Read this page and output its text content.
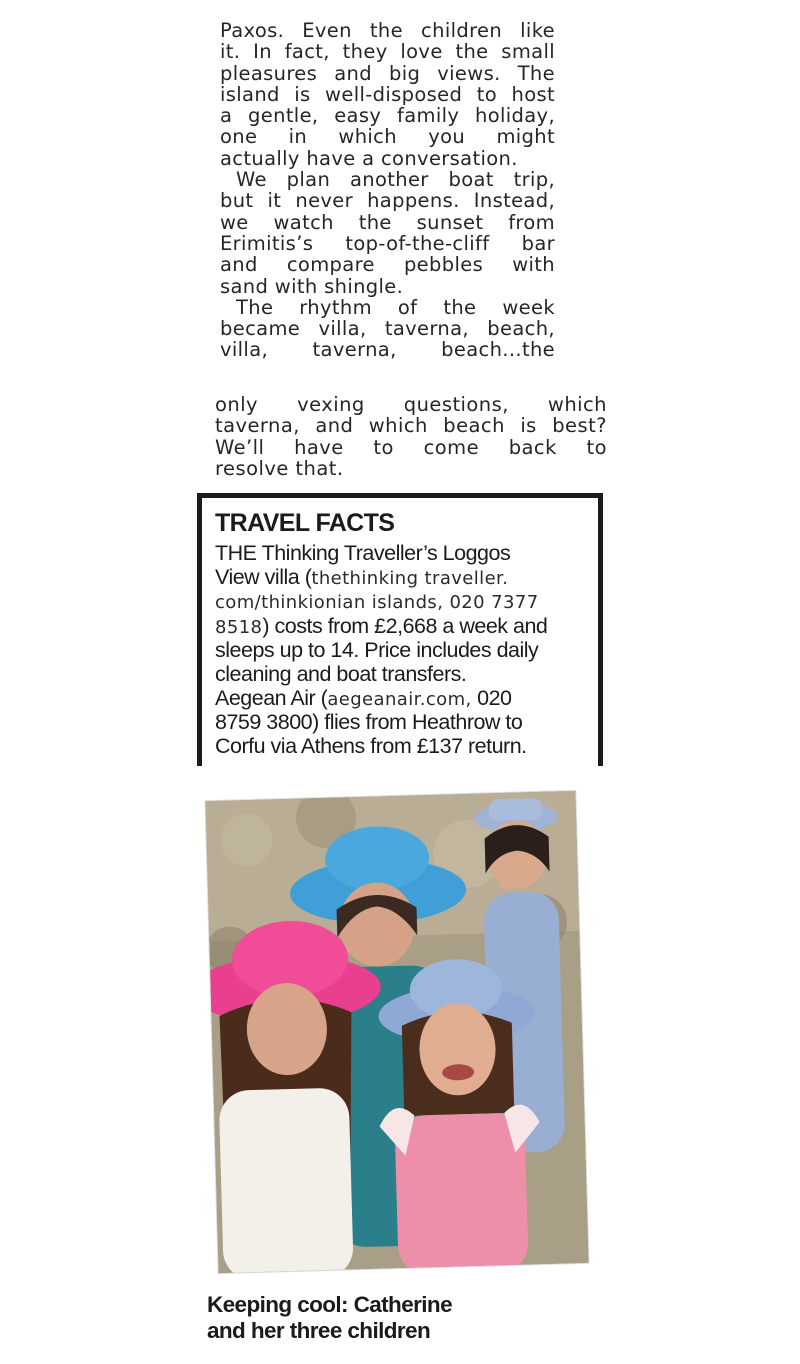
Paxos. Even the children like
it. In fact, they love the small
pleasures and big views. The
island is well-disposed to host
a gentle, easy family holiday,
one in which you might
actually have a conversation.
We plan another boat trip,
but it never happens. Instead,
we watch the sunset from
Erimitis’s top-of-the-cliff bar
and compare pebbles with
sand with shingle.
The rhythm of the week
became villa, taverna, beach,
villa, taverna, beach...the
only vexing questions, which
taverna, and which beach is best?
We’ll have to come back to
resolve that.
TRAVEL FACTS
THE Thinking Traveller’s Loggos
View villa (thethinking traveller.
com/thinkionian islands, 020 7377
8518) costs from £2,668 a week and
sleeps up to 14. Price includes daily
cleaning and boat transfers.
Aegean Air (aegeanair.com, 020
8759 3800) flies from Heathrow to
Corfu via Athens from £137 return.
Keeping cool: Catherine
and her three children
